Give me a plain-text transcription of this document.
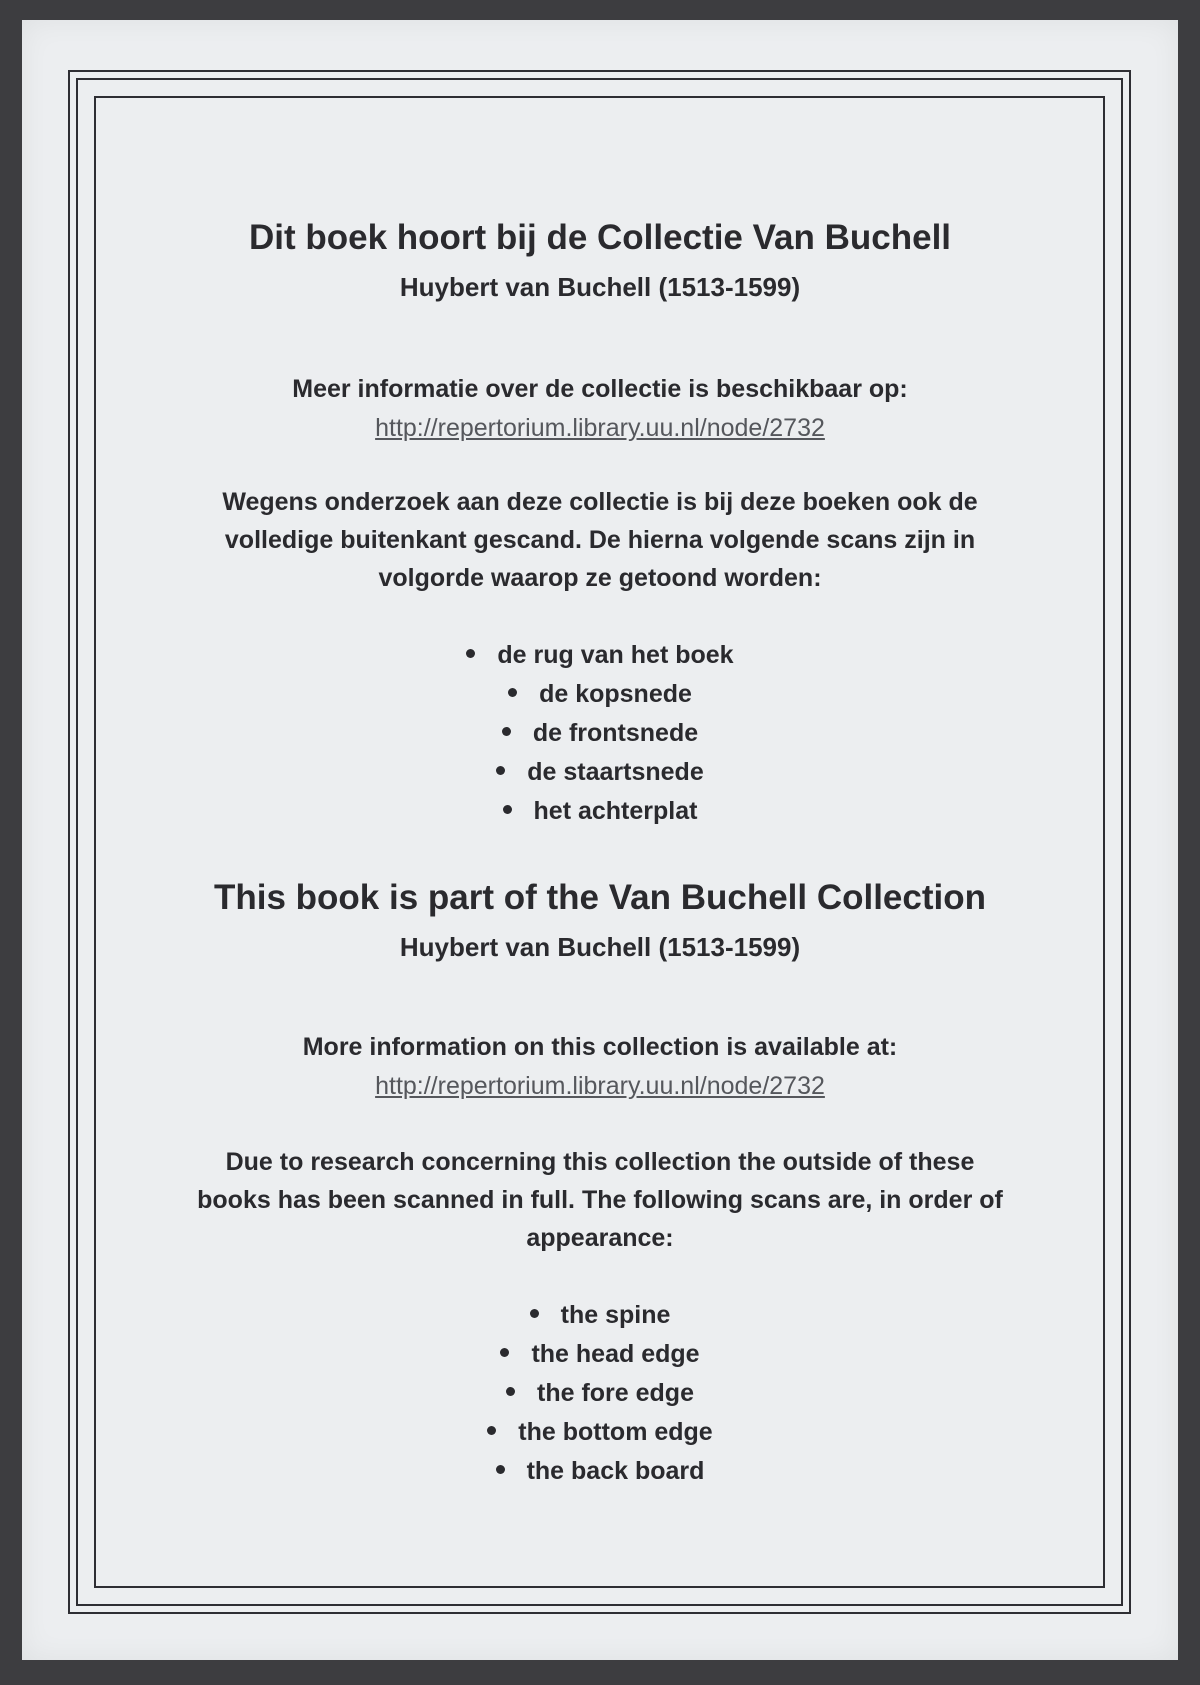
Dit boek hoort bij de Collectie Van Buchell
Huybert van Buchell (1513-1599)
Meer informatie over de collectie is beschikbaar op:
http://repertorium.library.uu.nl/node/2732
Wegens onderzoek aan deze collectie is bij deze boeken ook de
volledige buitenkant gescand. De hierna volgende scans zijn in
volgorde waarop ze getoond worden:
de rug van het boek
de kopsnede
de frontsnede
de staartsnede
het achterplat
This book is part of the Van Buchell Collection
Huybert van Buchell (1513-1599)
More information on this collection is available at:
http://repertorium.library.uu.nl/node/2732
Due to research concerning this collection the outside of these
books has been scanned in full. The following scans are, in order of
appearance:
the spine
the head edge
the fore edge
the bottom edge
the back board
